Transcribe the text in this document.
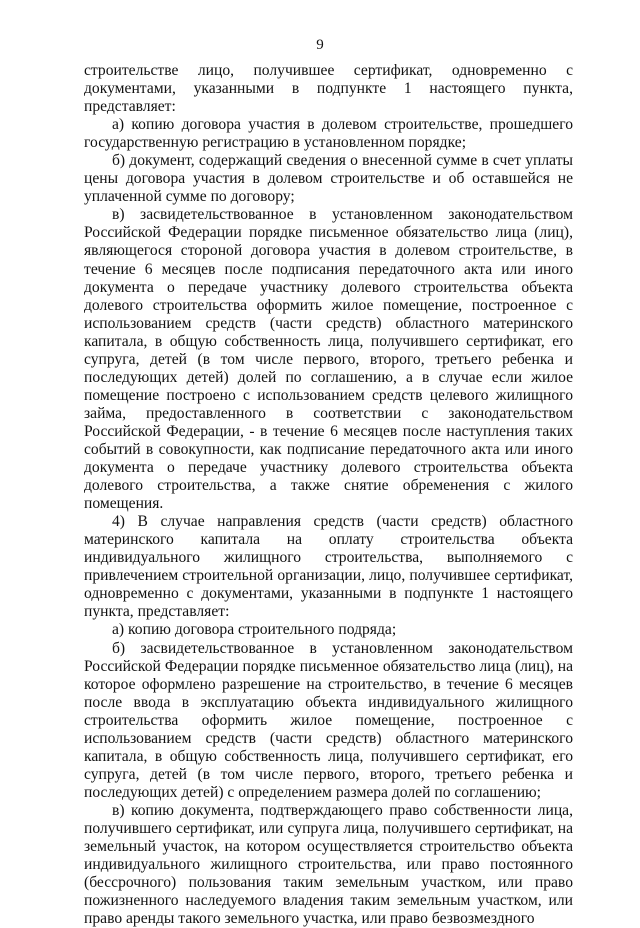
9

строительстве лицо, получившее сертификат, одновременно с документами, указанными в подпункте 1 настоящего пункта, представляет:

а) копию договора участия в долевом строительстве, прошедшего государственную регистрацию в установленном порядке;

б) документ, содержащий сведения о внесенной сумме в счет уплаты цены договора участия в долевом строительстве и об оставшейся не уплаченной сумме по договору;

в) засвидетельствованное в установленном законодательством Российской Федерации порядке письменное обязательство лица (лиц), являющегося стороной договора участия в долевом строительстве, в течение 6 месяцев после подписания передаточного акта или иного документа о передаче участнику долевого строительства объекта долевого строительства оформить жилое помещение, построенное с использованием средств (части средств) областного материнского капитала, в общую собственность лица, получившего сертификат, его супруга, детей (в том числе первого, второго, третьего ребенка и последующих детей) долей по соглашению, а в случае если жилое помещение построено с использованием средств целевого жилищного займа, предоставленного в соответствии с законодательством Российской Федерации, - в течение 6 месяцев после наступления таких событий в совокупности, как подписание передаточного акта или иного документа о передаче участнику долевого строительства объекта долевого строительства, а также снятие обременения с жилого помещения.

4) В случае направления средств (части средств) областного материнского капитала на оплату строительства объекта индивидуального жилищного строительства, выполняемого с привлечением строительной организации, лицо, получившее сертификат, одновременно с документами, указанными в подпункте 1 настоящего пункта, представляет:

а) копию договора строительного подряда;

б) засвидетельствованное в установленном законодательством Российской Федерации порядке письменное обязательство лица (лиц), на которое оформлено разрешение на строительство, в течение 6 месяцев после ввода в эксплуатацию объекта индивидуального жилищного строительства оформить жилое помещение, построенное с использованием средств (части средств) областного материнского капитала, в общую собственность лица, получившего сертификат, его супруга, детей (в том числе первого, второго, третьего ребенка и последующих детей) с определением размера долей по соглашению;

в) копию документа, подтверждающего право собственности лица, получившего сертификат, или супруга лица, получившего сертификат, на земельный участок, на котором осуществляется строительство объекта индивидуального жилищного строительства, или право постоянного (бессрочного) пользования таким земельным участком, или право пожизненного наследуемого владения таким земельным участком, или право аренды такого земельного участка, или право безвозмездного
